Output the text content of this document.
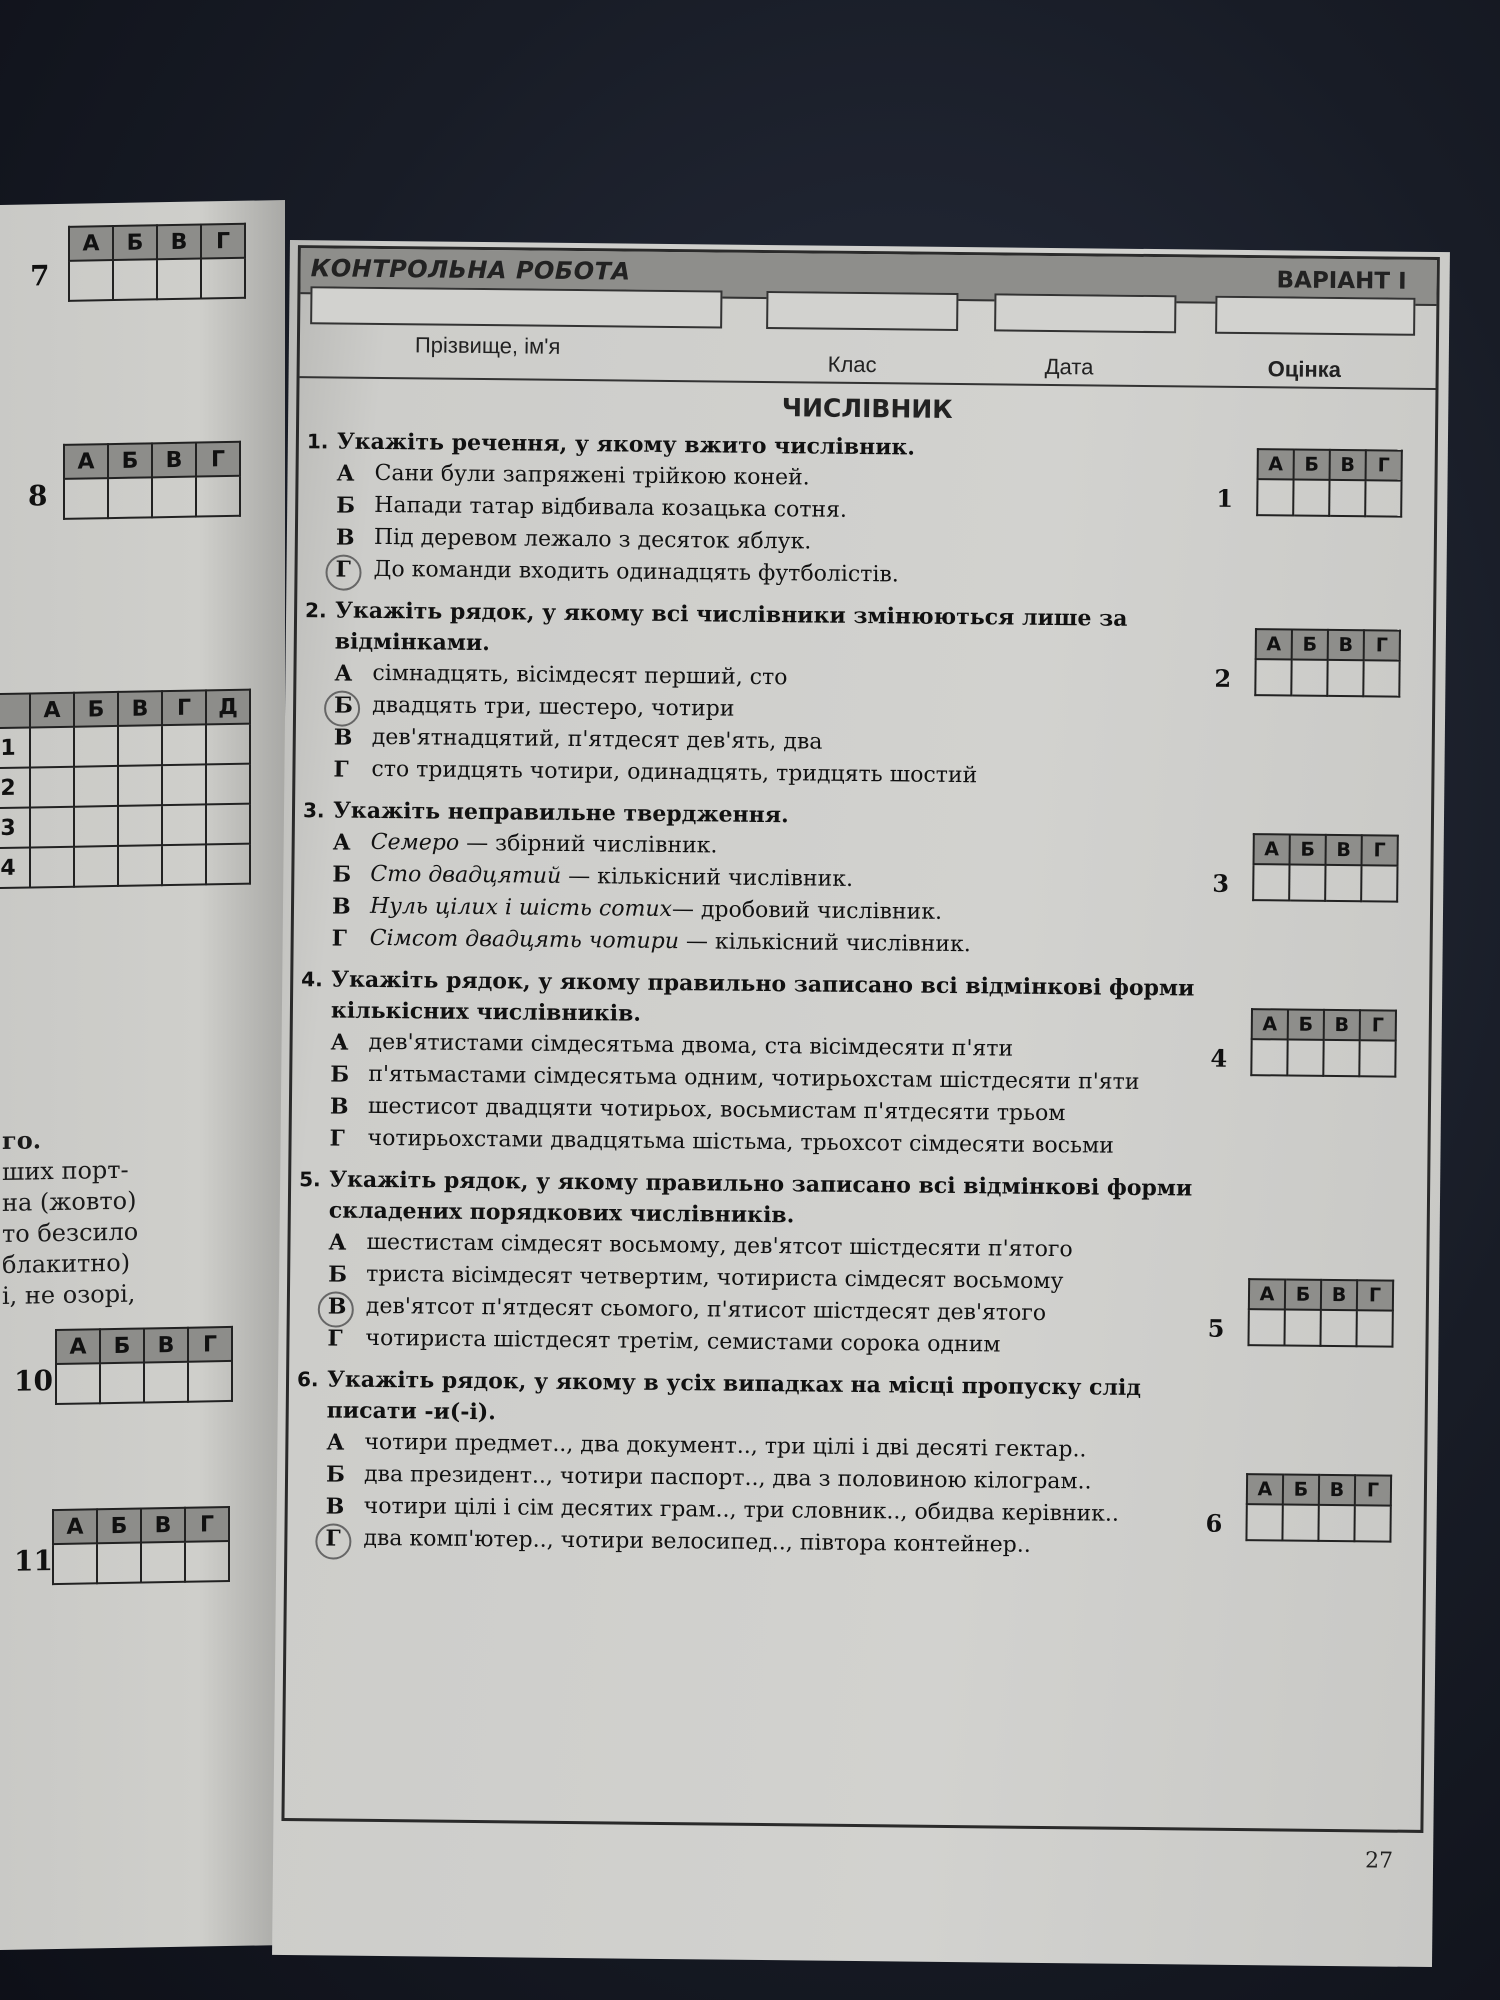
7
А	Б	В	Г

8
А	Б	В	Г

	А	Б	В	Г	Д
1					
2					
3					
4					
го.
ших порт-
на (жовто)
то безсило
блакитно)
і, не озорі,
10
А	Б	В	Г

11
А	Б	В	Г

КОНТРОЛЬНА РОБОТА	ВАРІАНТ I
Прізвище, ім'я
Клас	Дата	Оцінка
ЧИСЛІВНИК
1. Укажіть речення, у якому вжито числівник.
А Сани були запряжені трійкою коней.
Б Напади татар відбивала козацька сотня.
В Під деревом лежало з десяток яблук.
Г	До команди входить одинадцять футболістів.
2. Укажіть рядок, у якому всі числівники змінюються лише за відмінками.
А сімнадцять, вісімдесят перший, сто
Б двадцять три, шестеро, чотири
В дев'ятнадцятий, п'ятдесят дев'ять, два
Г	сто тридцять чотири, одинадцять, тридцять шостий
3. Укажіть неправильне твердження.
А Семеро — збірний числівник.
Б Сто двадцятий — кількісний числівник.
В Нуль цілих і шість сотих— дробовий числівник.
Г	Сімсот двадцять чотири — кількісний числівник.
4. Укажіть рядок, у якому правильно записано всі відмінкові форми кількісних числівників.
А дев'ятистами сімдесятьма двома, ста вісімдесяти п'яти
Б п'ятьмастами сімдесятьма одним, чотирьохстам шістдесяти п'яти
В шестисот двадцяти чотирьох, восьмистам п'ятдесяти трьом
Г	чотирьохстами двадцятьма шістьма, трьохсот сімдесяти восьми
5. Укажіть рядок, у якому правильно записано всі відмінкові форми складених порядкових числівників.
А шестистам сімдесят восьмому, дев'ятсот шістдесяти п'ятого
Б триста вісімдесят четвертим, чотириста сімдесят восьмому
В дев'ятсот п'ятдесят сьомого, п'ятисот шістдесят дев'ятого
Г	чотириста шістдесят третім, семистами сорока одним
6. Укажіть рядок, у якому в усіх випадках на місці пропуску слід писати -и(-і).
А чотири предмет.., два документ.., три цілі і дві десяті гектар..
Б два президент.., чотири паспорт.., два з половиною кілограм..
В чотири цілі і сім десятих грам.., три словник.., обидва керівник..
Г	два комп'ютер.., чотири велосипед.., півтора контейнер..
1
А	Б	В	Г

2
А	Б	В	Г

3
А	Б	В	Г

4
А	Б	В	Г

5
А	Б	В	Г

6
А	Б	В	Г

27
